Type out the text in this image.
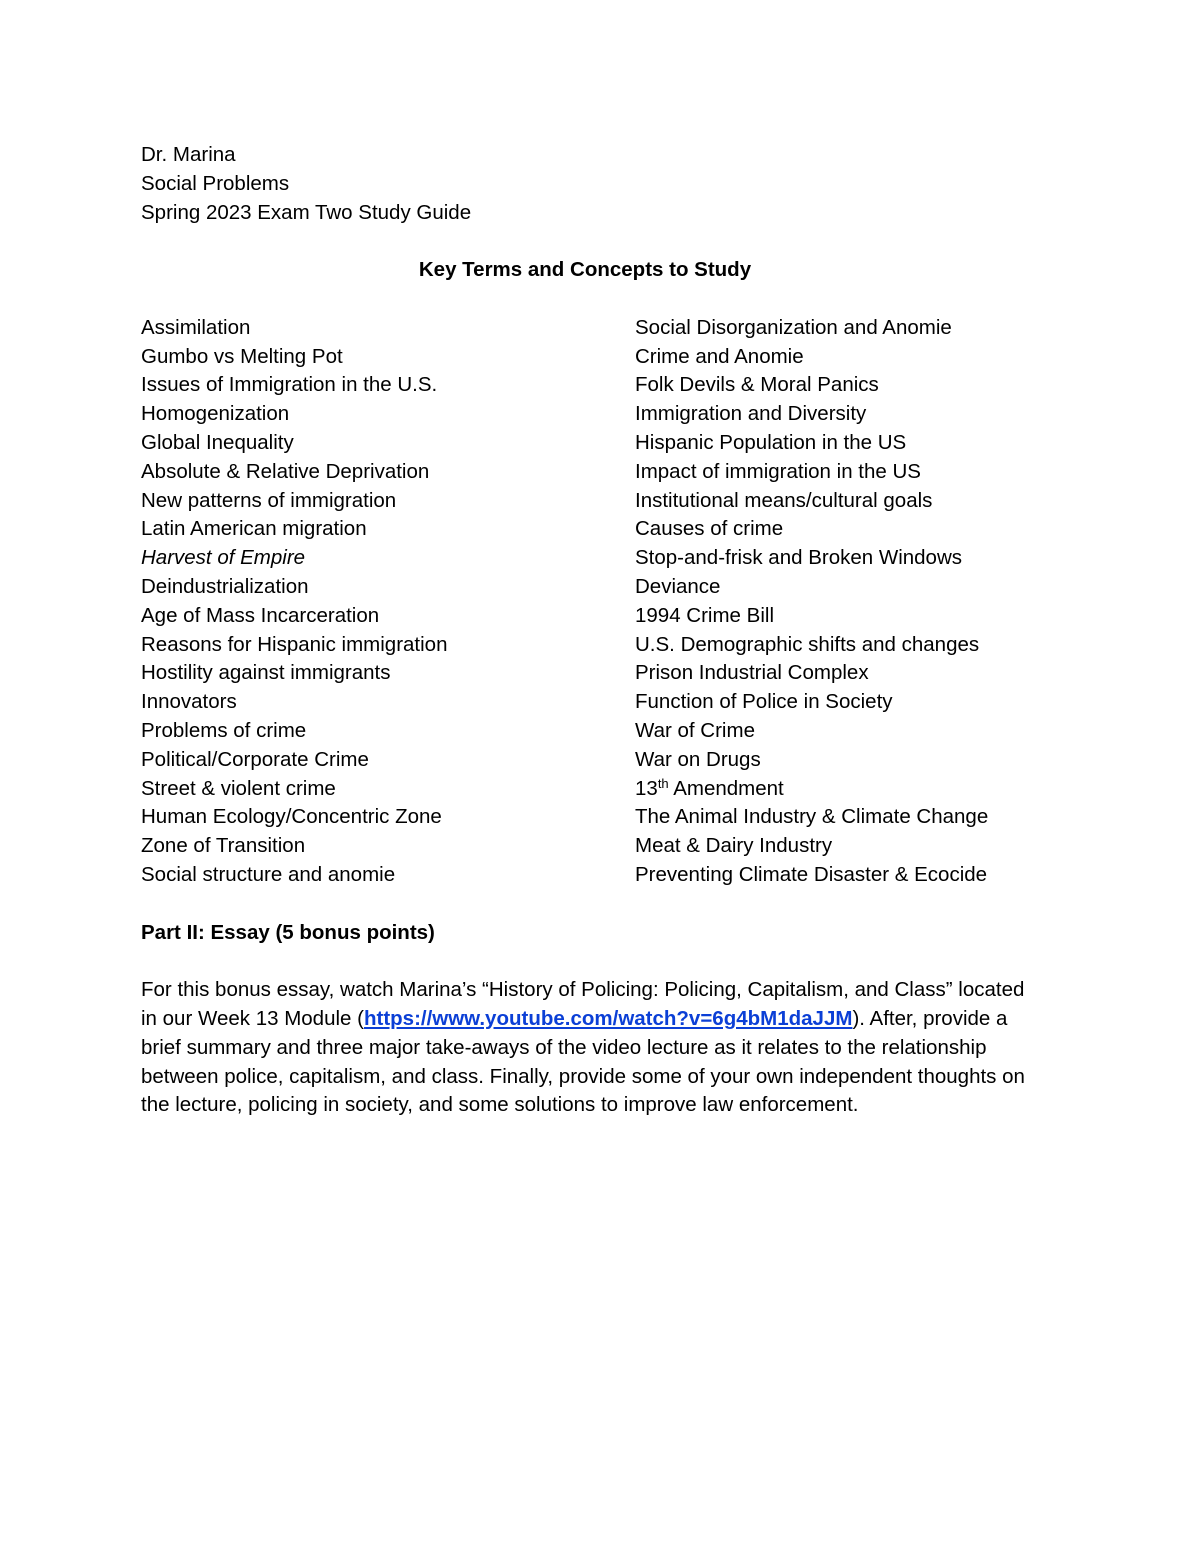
Dr. Marina
Social Problems
Spring 2023 Exam Two Study Guide
Key Terms and Concepts to Study
Assimilation
Gumbo vs Melting Pot
Issues of Immigration in the U.S.
Homogenization
Global Inequality
Absolute & Relative Deprivation
New patterns of immigration
Latin American migration
Harvest of Empire
Deindustrialization
Age of Mass Incarceration
Reasons for Hispanic immigration
Hostility against immigrants
Innovators
Problems of crime
Political/Corporate Crime
Street & violent crime
Human Ecology/Concentric Zone
Zone of Transition
Social structure and anomie
Social Disorganization and Anomie
Crime and Anomie
Folk Devils & Moral Panics
Immigration and Diversity
Hispanic Population in the US
Impact of immigration in the US
Institutional means/cultural goals
Causes of crime
Stop-and-frisk and Broken Windows
Deviance
1994 Crime Bill
U.S. Demographic shifts and changes
Prison Industrial Complex
Function of Police in Society
War of Crime
War on Drugs
13th Amendment
The Animal Industry & Climate Change
Meat & Dairy Industry
Preventing Climate Disaster & Ecocide
Part II: Essay (5 bonus points)

For this bonus essay, watch Marina’s “History of Policing: Policing, Capitalism, and Class” located in our Week 13 Module (https://www.youtube.com/watch?v=6g4bM1daJJM). After, provide a brief summary and three major take-aways of the video lecture as it relates to the relationship between police, capitalism, and class. Finally, provide some of your own independent thoughts on the lecture, policing in society, and some solutions to improve law enforcement.
